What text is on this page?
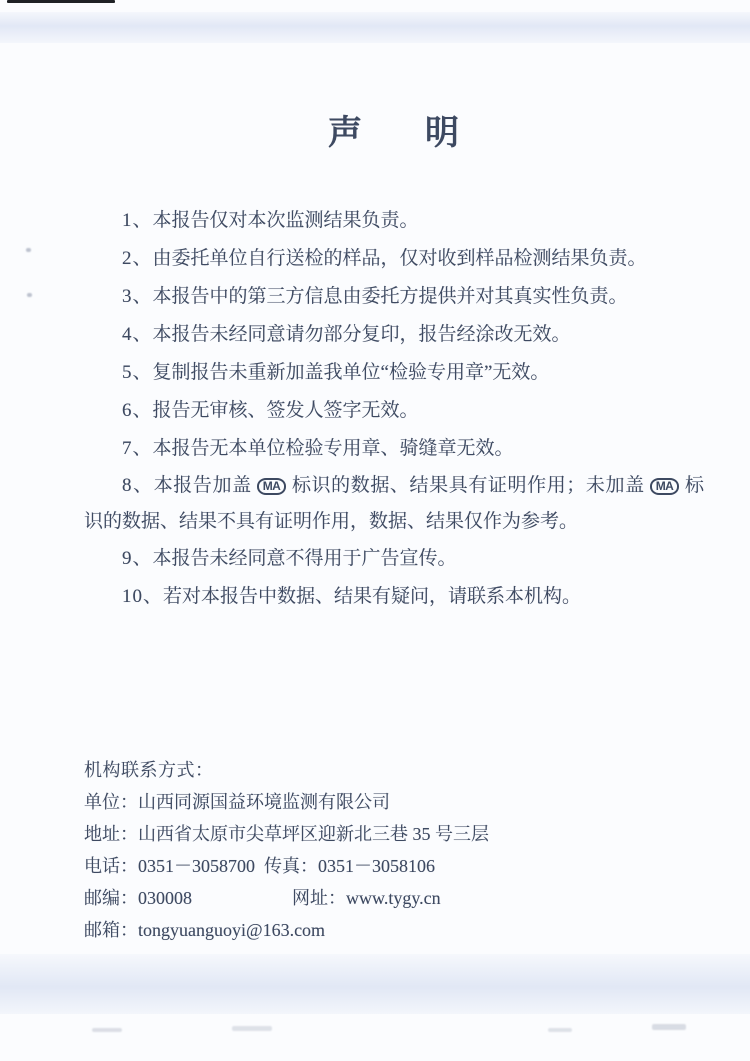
声 明
1、本报告仅对本次监测结果负责。
2、由委托单位自行送检的样品，仅对收到样品检测结果负责。
3、本报告中的第三方信息由委托方提供并对其真实性负责。
4、本报告未经同意请勿部分复印，报告经涂改无效。
5、复制报告未重新加盖我单位“检验专用章”无效。
6、报告无审核、签发人签字无效。
7、本报告无本单位检验专用章、骑缝章无效。
8、本报告加盖 MA 标识的数据、结果具有证明作用；未加盖 MA 标识的数据、结果不具有证明作用，数据、结果仅作为参考。
9、本报告未经同意不得用于广告宣传。
10、若对本报告中数据、结果有疑问，请联系本机构。
机构联系方式：
单位：山西同源国益环境监测有限公司
地址：山西省太原市尖草坪区迎新北三巷 35 号三层
电话：0351－3058700 传真：0351－3058106
邮编：030008	网址：www.tygy.cn
邮箱：tongyuanguoyi@163.com
